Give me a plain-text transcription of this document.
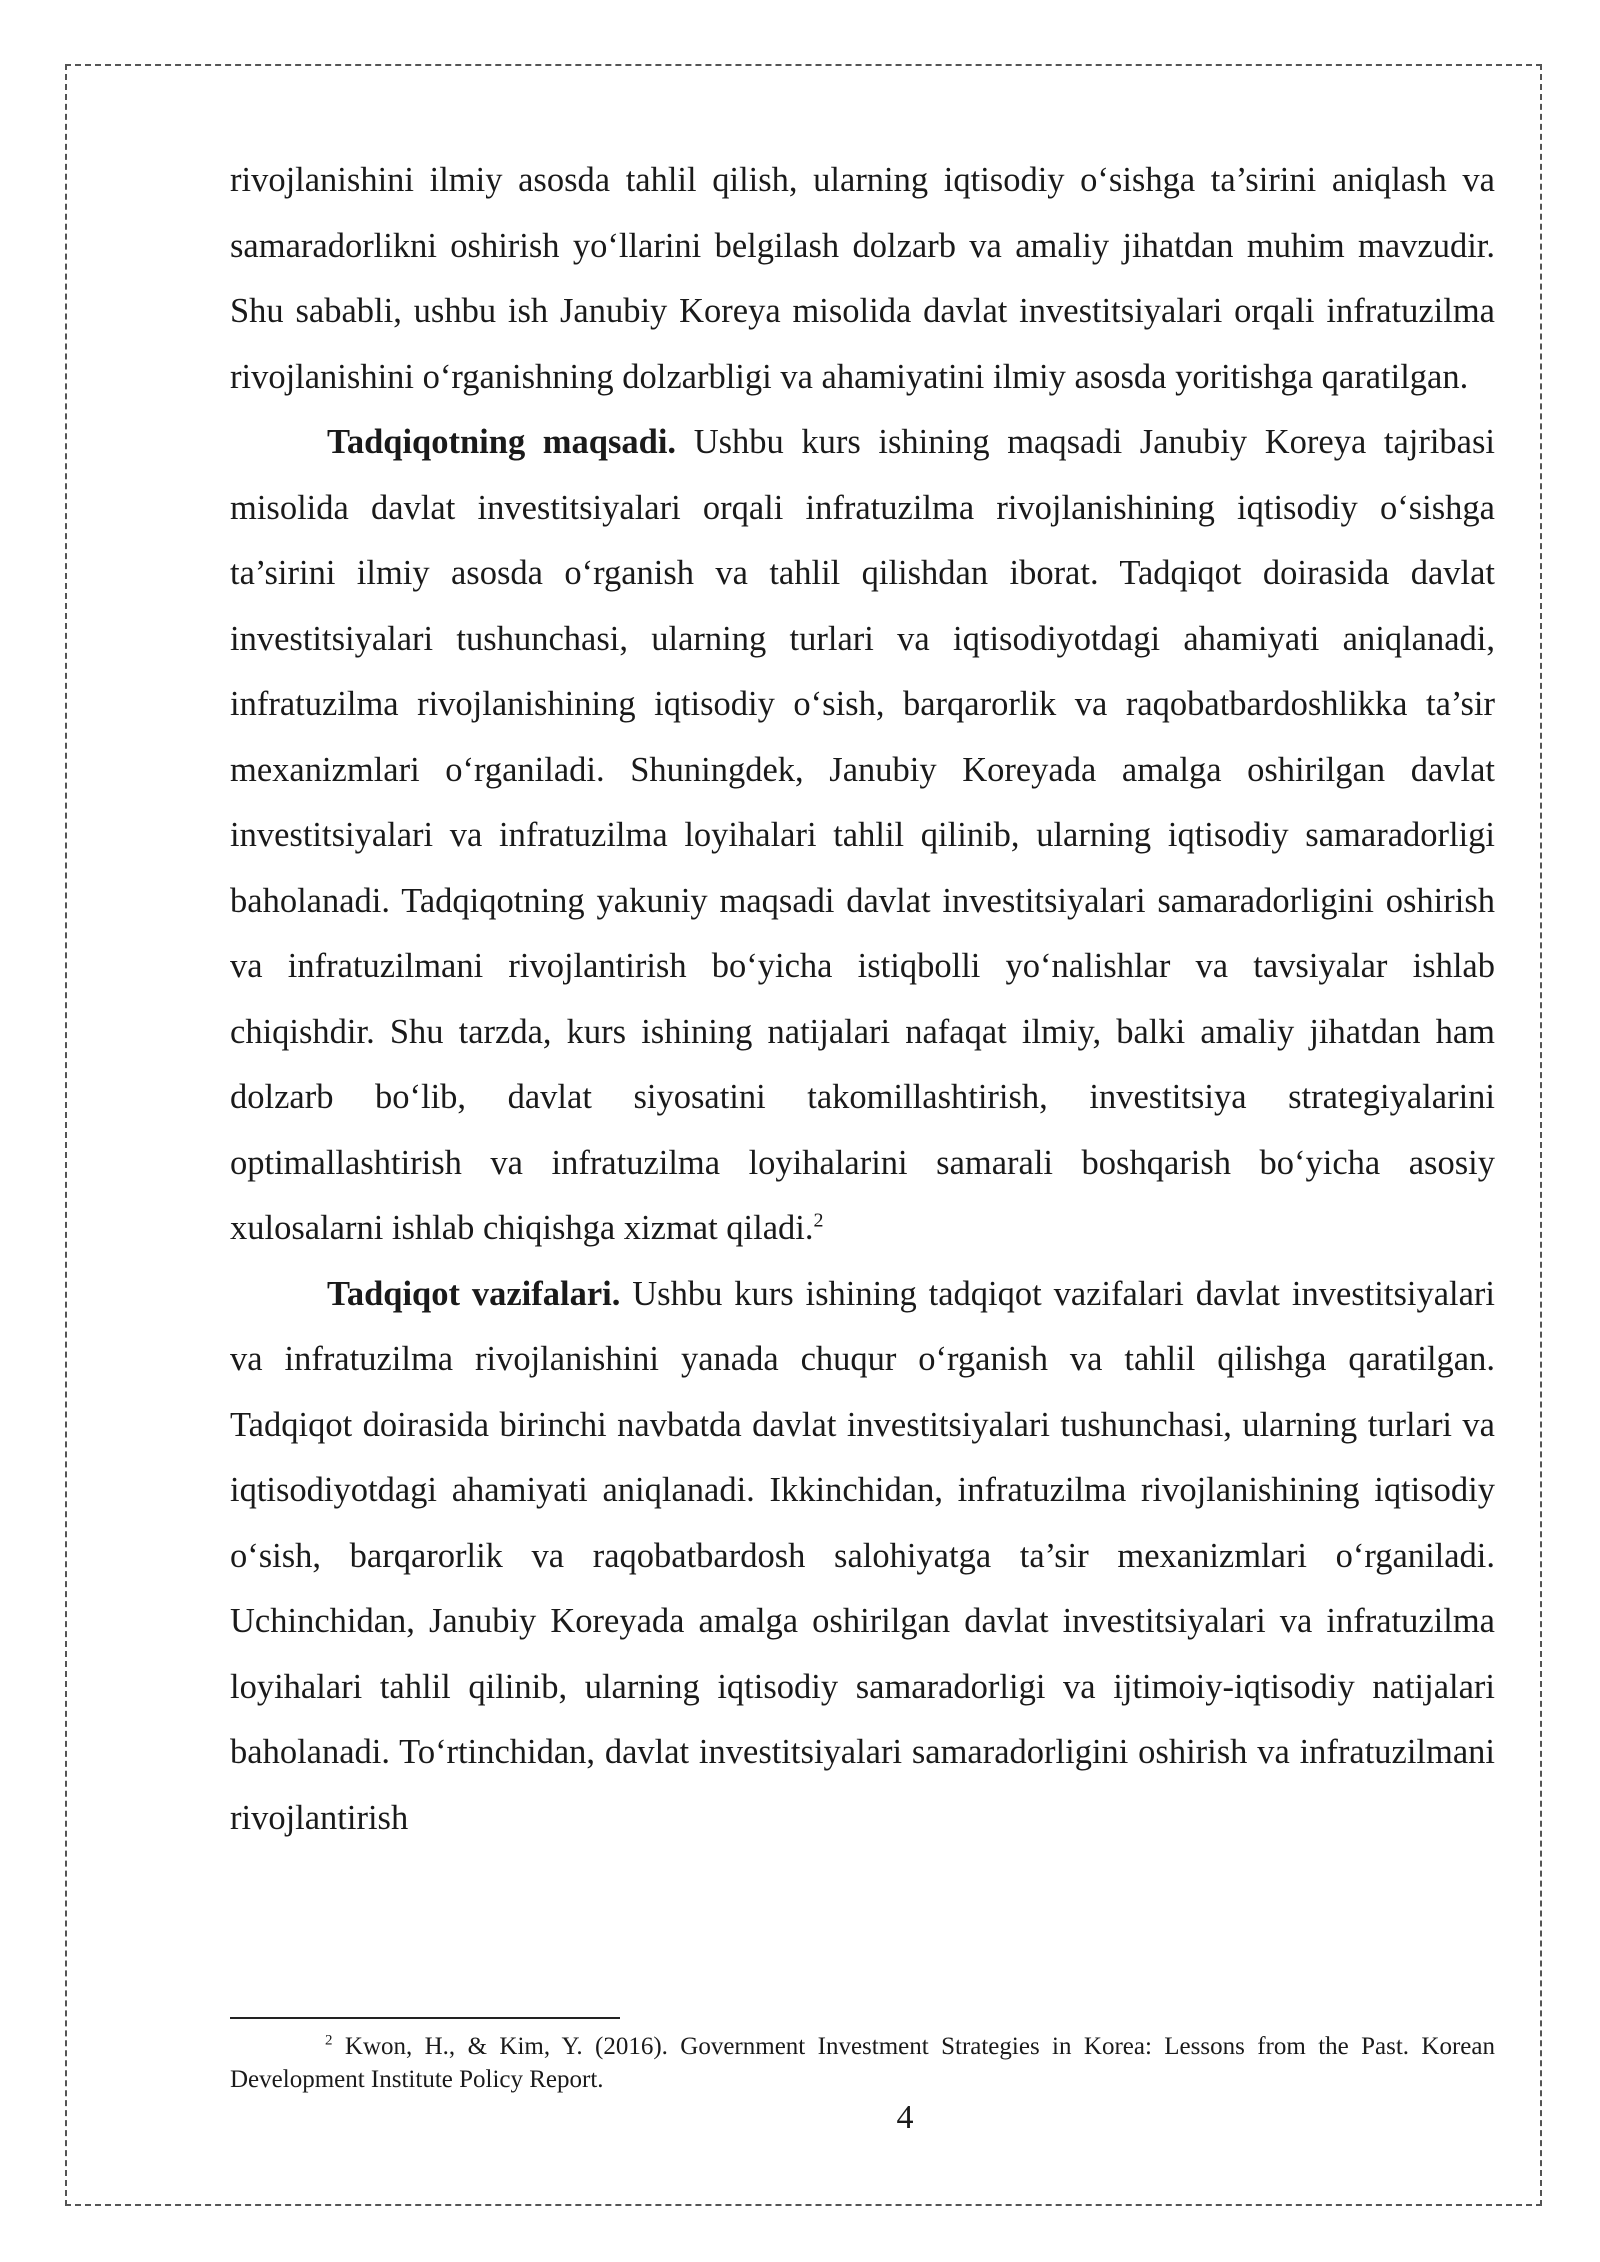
rivojlanishini ilmiy asosda tahlil qilish, ularning iqtisodiy o‘sishga ta’sirini aniqlash va samaradorlikni oshirish yo‘llarini belgilash dolzarb va amaliy jihatdan muhim mavzudir. Shu sababli, ushbu ish Janubiy Koreya misolida davlat investitsiyalari orqali infratuzilma rivojlanishini o‘rganishning dolzarbligi va ahamiyatini ilmiy asosda yoritishga qaratilgan.

Tadqiqotning maqsadi. Ushbu kurs ishining maqsadi Janubiy Koreya tajribasi misolida davlat investitsiyalari orqali infratuzilma rivojlanishining iqtisodiy o‘sishga ta’sirini ilmiy asosda o‘rganish va tahlil qilishdan iborat. Tadqiqot doirasida davlat investitsiyalari tushunchasi, ularning turlari va iqtisodiyotdagi ahamiyati aniqlanadi, infratuzilma rivojlanishining iqtisodiy o‘sish, barqarorlik va raqobatbardoshlikka ta’sir mexanizmlari o‘rganiladi. Shuningdek, Janubiy Koreyada amalga oshirilgan davlat investitsiyalari va infratuzilma loyihalari tahlil qilinib, ularning iqtisodiy samaradorligi baholanadi. Tadqiqotning yakuniy maqsadi davlat investitsiyalari samaradorligini oshirish va infratuzilmani rivojlantirish bo‘yicha istiqbolli yo‘nalishlar va tavsiyalar ishlab chiqishdir. Shu tarzda, kurs ishining natijalari nafaqat ilmiy, balki amaliy jihatdan ham dolzarb bo‘lib, davlat siyosatini takomillashtirish, investitsiya strategiyalarini optimallashtirish va infratuzilma loyihalarini samarali boshqarish bo‘yicha asosiy xulosalarni ishlab chiqishga xizmat qiladi.$^2$

Tadqiqot vazifalari. Ushbu kurs ishining tadqiqot vazifalari davlat investitsiyalari va infratuzilma rivojlanishini yanada chuqur o‘rganish va tahlil qilishga qaratilgan. Tadqiqot doirasida birinchi navbatda davlat investitsiyalari tushunchasi, ularning turlari va iqtisodiyotdagi ahamiyati aniqlanadi. Ikkinchidan, infratuzilma rivojlanishining iqtisodiy o‘sish, barqarorlik va raqobatbardosh salohiyatga ta’sir mexanizmlari o‘rganiladi. Uchinchidan, Janubiy Koreyada amalga oshirilgan davlat investitsiyalari va infratuzilma loyihalari tahlil qilinib, ularning iqtisodiy samaradorligi va ijtimoiy-iqtisodiy natijalari baholanadi. To‘rtinchidan, davlat investitsiyalari samaradorligini oshirish va infratuzilmani rivojlantirish

$^2$ Kwon, H., & Kim, Y. (2016). Government Investment Strategies in Korea: Lessons from the Past. Korean Development Institute Policy Report.

4
